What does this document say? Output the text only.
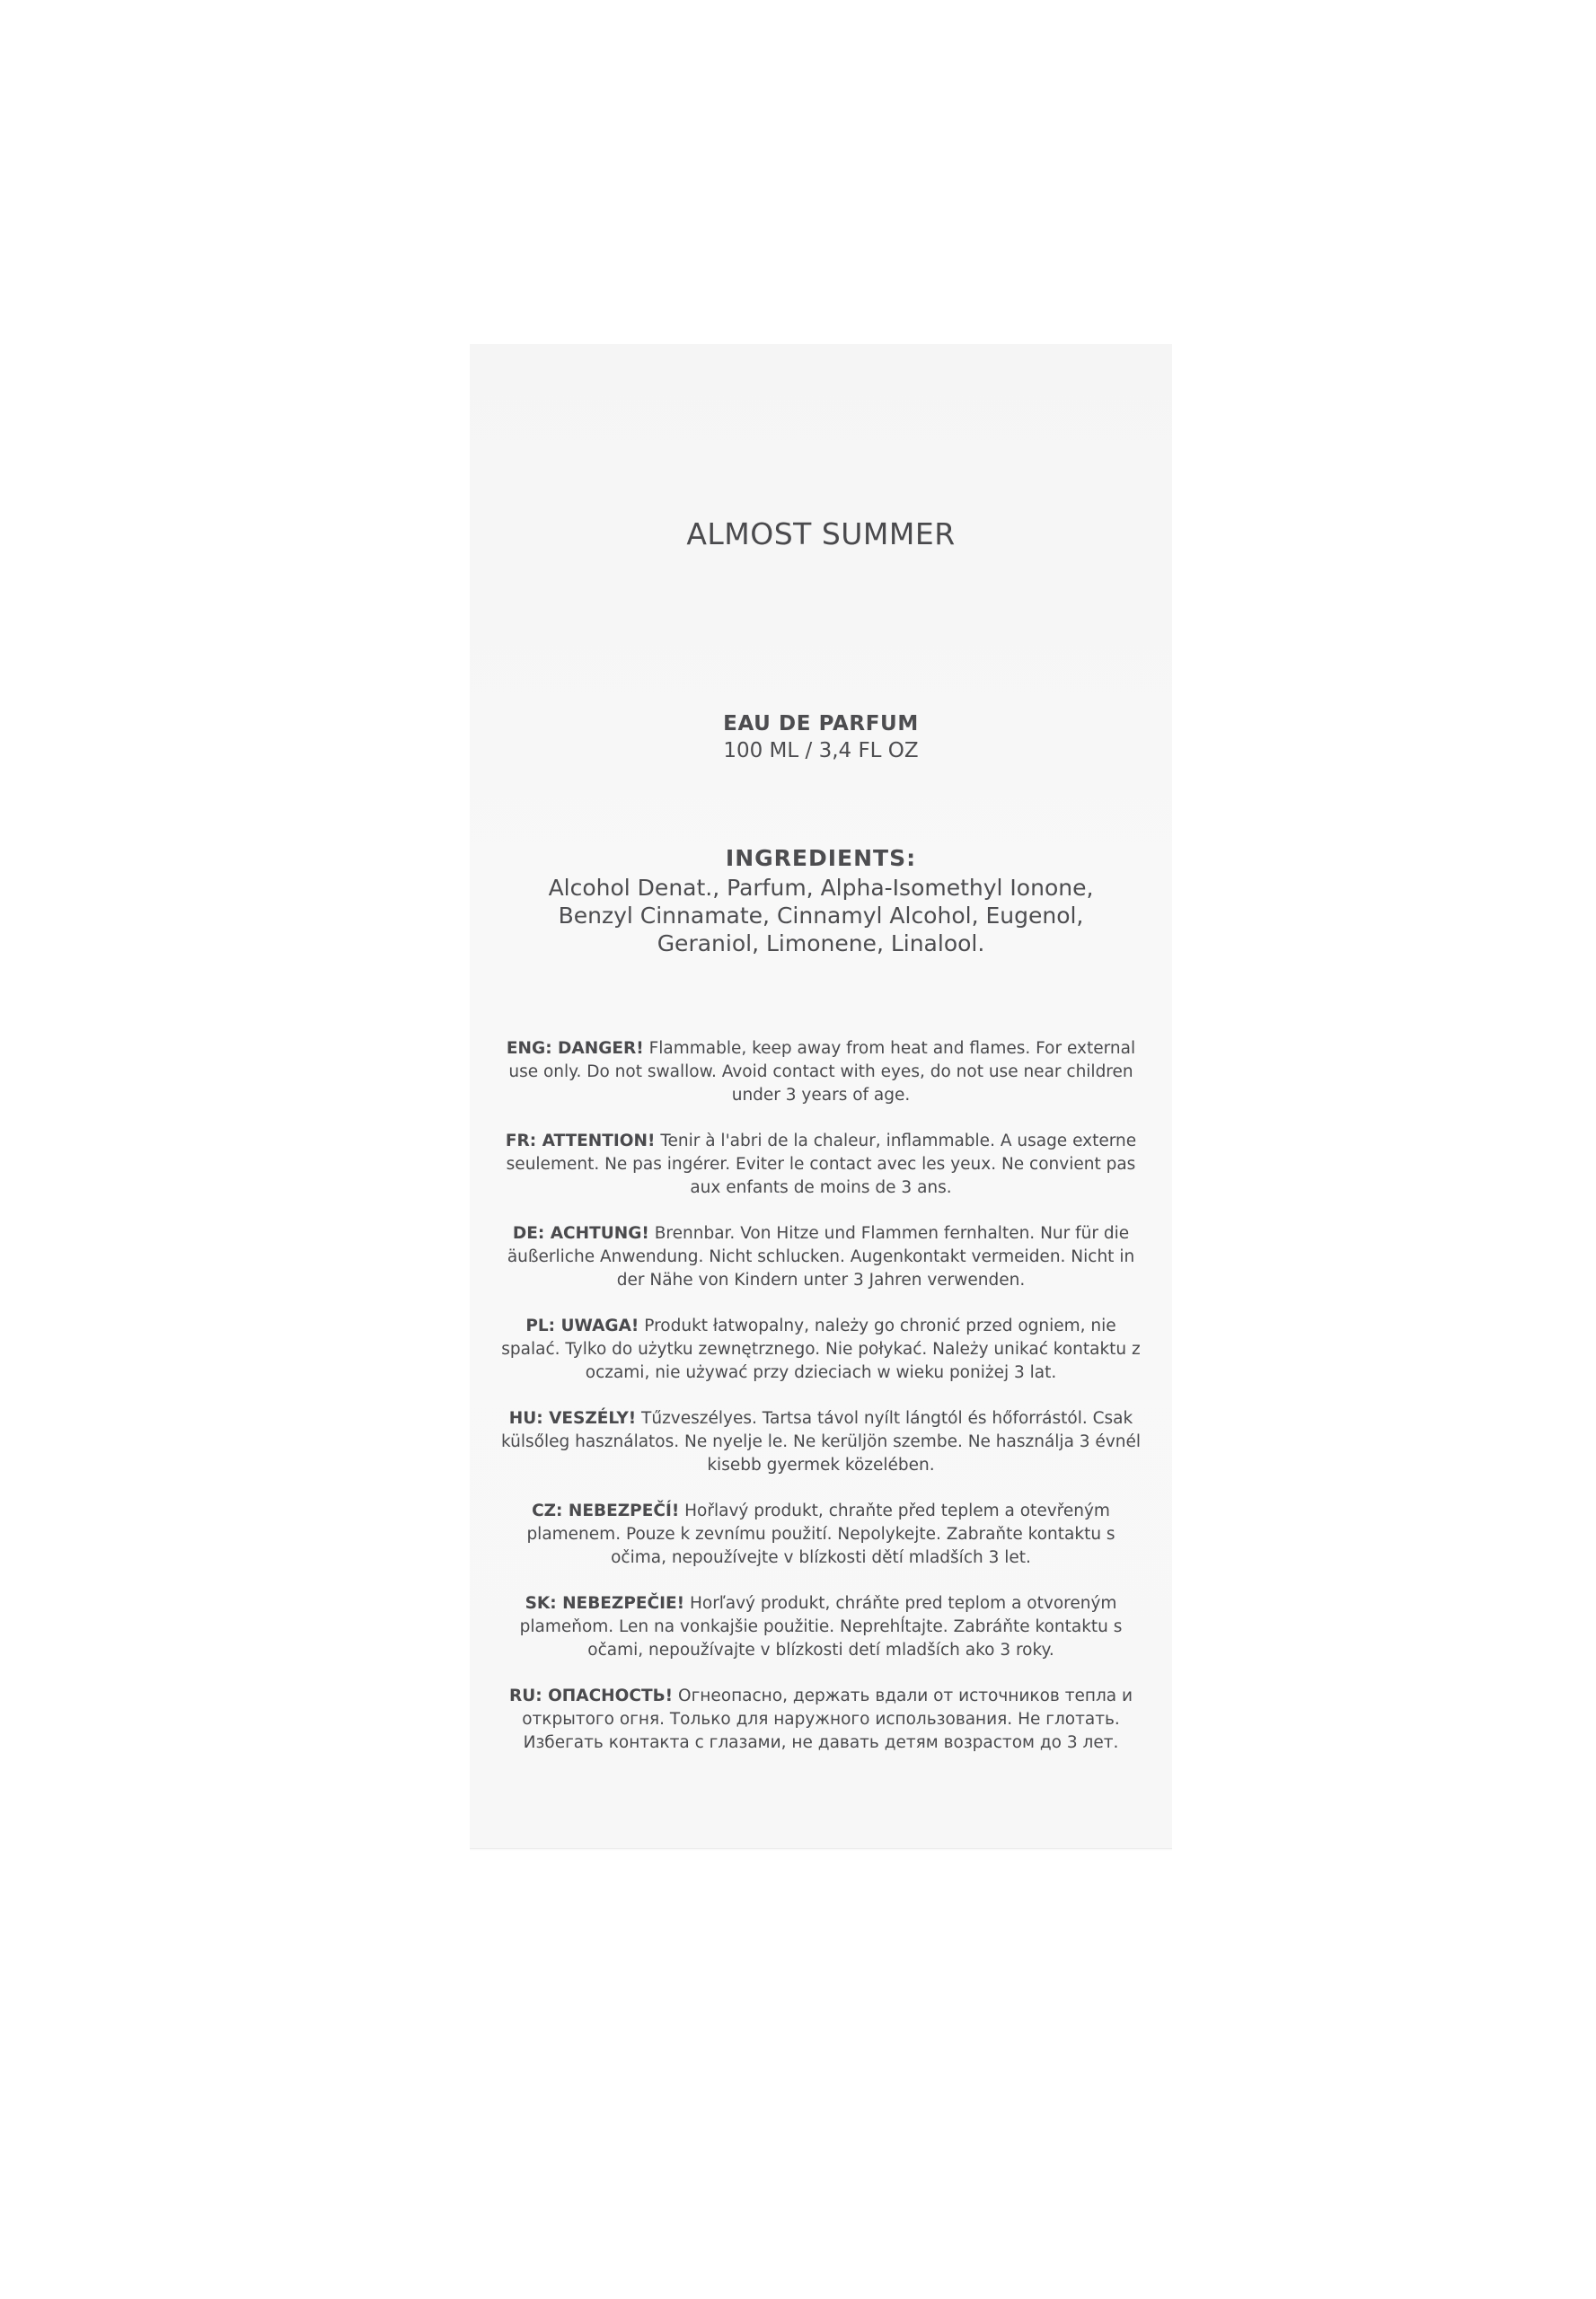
ALMOST SUMMER
EAU DE PARFUM
100 ML / 3,4 FL OZ
INGREDIENTS:
Alcohol Denat., Parfum, Alpha-Isomethyl Ionone, Benzyl Cinnamate, Cinnamyl Alcohol, Eugenol, Geraniol, Limonene, Linalool.

ENG: DANGER! Flammable, keep away from heat and flames. For external use only. Do not swallow. Avoid contact with eyes, do not use near children under 3 years of age.

FR: ATTENTION! Tenir à l'abri de la chaleur, inflammable. A usage externe seulement. Ne pas ingérer. Eviter le contact avec les yeux. Ne convient pas aux enfants de moins de 3 ans.

DE: ACHTUNG! Brennbar. Von Hitze und Flammen fernhalten. Nur für die äußerliche Anwendung. Nicht schlucken. Augenkontakt vermeiden. Nicht in der Nähe von Kindern unter 3 Jahren verwenden.

PL: UWAGA! Produkt łatwopalny, należy go chronić przed ogniem, nie spalać. Tylko do użytku zewnętrznego. Nie połykać. Należy unikać kontaktu z oczami, nie używać przy dzieciach w wieku poniżej 3 lat.

HU: VESZÉLY! Tűzveszélyes. Tartsa távol nyílt lángtól és hőforrástól. Csak külsőleg használatos. Ne nyelje le. Ne kerüljön szembe. Ne használja 3 évnél kisebb gyermek közelében.

CZ: NEBEZPEČÍ! Hořlavý produkt, chraňte před teplem a otevřeným plamenem. Pouze k zevnímu použití. Nepolykejte. Zabraňte kontaktu s očima, nepoužívejte v blízkosti dětí mladších 3 let.

SK: NEBEZPEČIE! Horľavý produkt, chráňte pred teplom a otvoreným plameňom. Len na vonkajšie použitie. Neprehĺtajte. Zabráňte kontaktu s očami, nepoužívajte v blízkosti detí mladších ako 3 roky.

RU: ОПАСНОСТЬ! Огнеопасно, держать вдали от источников тепла и открытого огня. Только для наружного использования. Не глотать. Избегать контакта с глазами, не давать детям возрастом до 3 лет.
